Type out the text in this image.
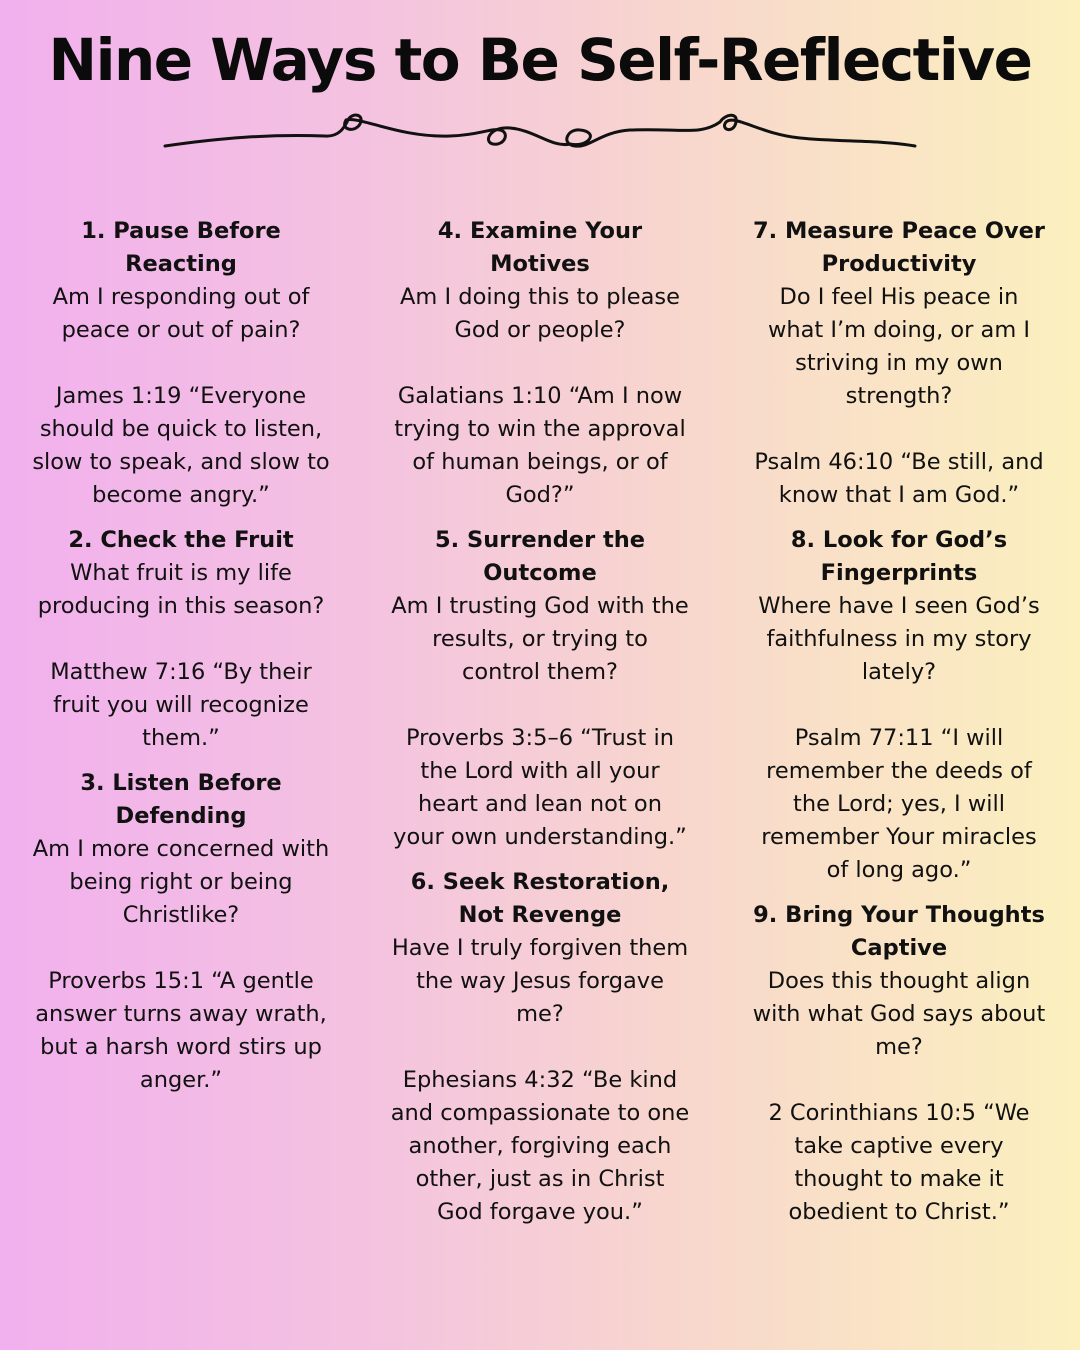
Nine Ways to Be Self-Reflective
1. Pause Before Reacting

Am I responding out of peace or out of pain?

James 1:19 “Everyone should be quick to listen, slow to speak, and slow to become angry.”

2. Check the Fruit

What fruit is my life producing in this season?

Matthew 7:16 “By their fruit you will recognize them.”

3. Listen Before Defending

Am I more concerned with being right or being Christlike?

Proverbs 15:1 “A gentle answer turns away wrath, but a harsh word stirs up anger.”

4. Examine Your Motives

Am I doing this to please God or people?

Galatians 1:10 “Am I now trying to win the approval of human beings, or of God?”

5. Surrender the Outcome

Am I trusting God with the results, or trying to control them?

Proverbs 3:5–6 “Trust in the Lord with all your heart and lean not on your own understanding.”

6. Seek Restoration, Not Revenge

Have I truly forgiven them the way Jesus forgave me?

Ephesians 4:32 “Be kind and compassionate to one another, forgiving each other, just as in Christ God forgave you.”

7. Measure Peace Over Productivity

Do I feel His peace in what I’m doing, or am I striving in my own strength?

Psalm 46:10 “Be still, and know that I am God.”

8. Look for God’s Fingerprints

Where have I seen God’s faithfulness in my story lately?

Psalm 77:11 “I will remember the deeds of the Lord; yes, I will remember Your miracles of long ago.”

9. Bring Your Thoughts Captive

Does this thought align with what God says about me?

2 Corinthians 10:5 “We take captive every thought to make it obedient to Christ.”
